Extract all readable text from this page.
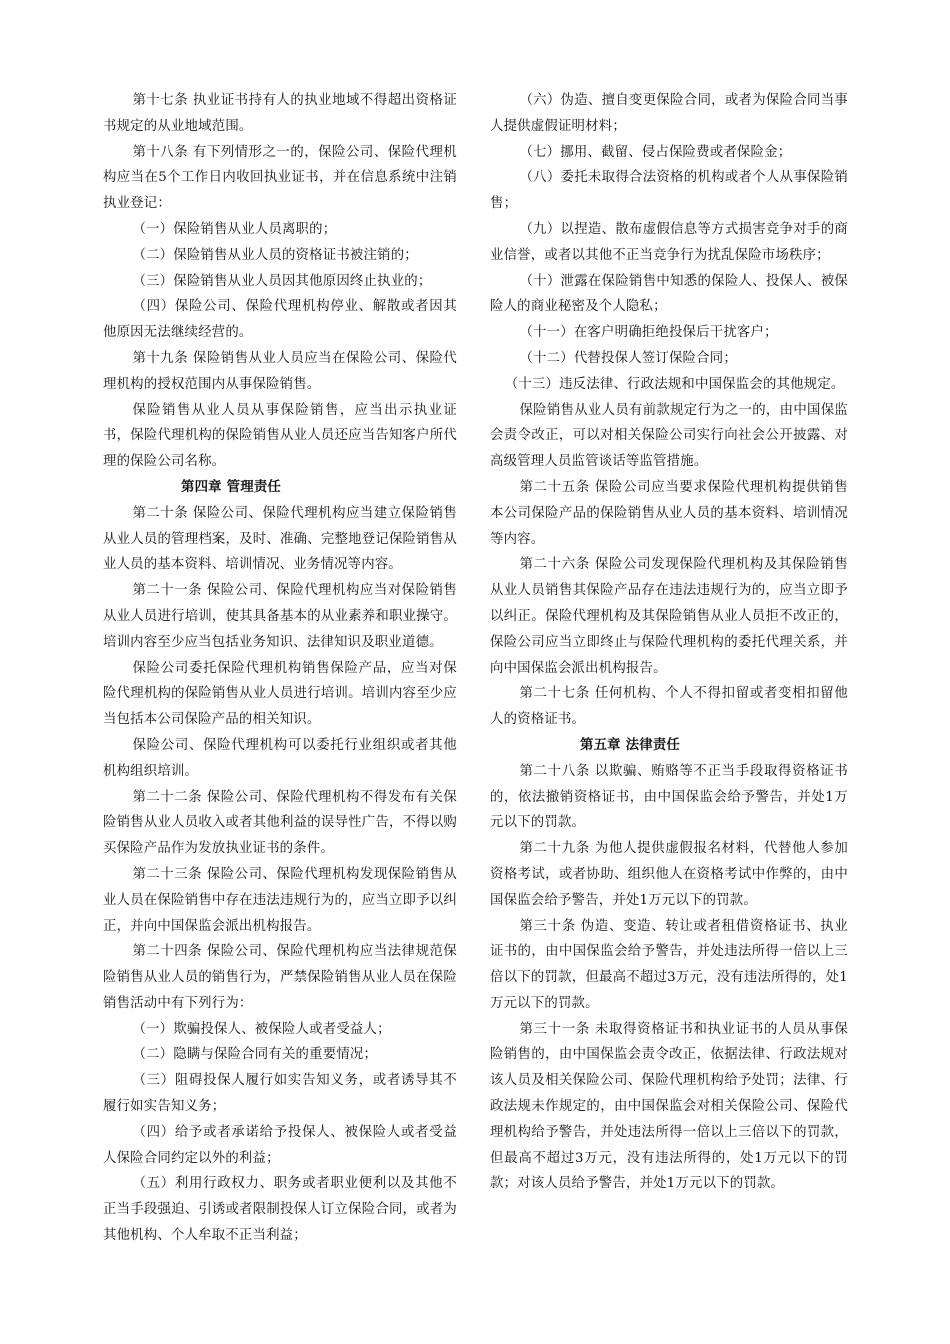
第十七条 执业证书持有人的执业地域不得超出资格证书规定的从业地域范围。

第十八条 有下列情形之一的，保险公司、保险代理机构应当在5个工作日内收回执业证书，并在信息系统中注销执业登记：

（一）保险销售从业人员离职的；

（二）保险销售从业人员的资格证书被注销的；

（三）保险销售从业人员因其他原因终止执业的；

（四）保险公司、保险代理机构停业、解散或者因其他原因无法继续经营的。

第十九条 保险销售从业人员应当在保险公司、保险代理机构的授权范围内从事保险销售。

保险销售从业人员从事保险销售，应当出示执业证书，保险代理机构的保险销售从业人员还应当告知客户所代理的保险公司名称。

第四章 管理责任

第二十条 保险公司、保险代理机构应当建立保险销售从业人员的管理档案，及时、准确、完整地登记保险销售从业人员的基本资料、培训情况、业务情况等内容。

第二十一条 保险公司、保险代理机构应当对保险销售从业人员进行培训，使其具备基本的从业素养和职业操守。培训内容至少应当包括业务知识、法律知识及职业道德。

保险公司委托保险代理机构销售保险产品，应当对保险代理机构的保险销售从业人员进行培训。培训内容至少应当包括本公司保险产品的相关知识。

保险公司、保险代理机构可以委托行业组织或者其他机构组织培训。

第二十二条 保险公司、保险代理机构不得发布有关保险销售从业人员收入或者其他利益的误导性广告，不得以购买保险产品作为发放执业证书的条件。

第二十三条 保险公司、保险代理机构发现保险销售从业人员在保险销售中存在违法违规行为的，应当立即予以纠正，并向中国保监会派出机构报告。

第二十四条 保险公司、保险代理机构应当法律规范保险销售从业人员的销售行为，严禁保险销售从业人员在保险销售活动中有下列行为：

（一）欺骗投保人、被保险人或者受益人；

（二）隐瞒与保险合同有关的重要情况；

（三）阻碍投保人履行如实告知义务，或者诱导其不履行如实告知义务；

（四）给予或者承诺给予投保人、被保险人或者受益人保险合同约定以外的利益；

（五）利用行政权力、职务或者职业便利以及其他不正当手段强迫、引诱或者限制投保人订立保险合同，或者为其他机构、个人牟取不正当利益；

（六）伪造、擅自变更保险合同，或者为保险合同当事人提供虚假证明材料；

（七）挪用、截留、侵占保险费或者保险金；

（八）委托未取得合法资格的机构或者个人从事保险销售；

（九）以捏造、散布虚假信息等方式损害竞争对手的商业信誉，或者以其他不正当竞争行为扰乱保险市场秩序；

（十）泄露在保险销售中知悉的保险人、投保人、被保险人的商业秘密及个人隐私；

（十一）在客户明确拒绝投保后干扰客户；

（十二）代替投保人签订保险合同；

（十三）违反法律、行政法规和中国保监会的其他规定。

保险销售从业人员有前款规定行为之一的，由中国保监会责令改正，可以对相关保险公司实行向社会公开披露、对高级管理人员监管谈话等监管措施。

第二十五条 保险公司应当要求保险代理机构提供销售本公司保险产品的保险销售从业人员的基本资料、培训情况等内容。

第二十六条 保险公司发现保险代理机构及其保险销售从业人员销售其保险产品存在违法违规行为的，应当立即予以纠正。保险代理机构及其保险销售从业人员拒不改正的，保险公司应当立即终止与保险代理机构的委托代理关系，并向中国保监会派出机构报告。

第二十七条 任何机构、个人不得扣留或者变相扣留他人的资格证书。

第五章 法律责任

第二十八条 以欺骗、贿赂等不正当手段取得资格证书的，依法撤销资格证书，由中国保监会给予警告，并处1万元以下的罚款。

第二十九条 为他人提供虚假报名材料，代替他人参加资格考试，或者协助、组织他人在资格考试中作弊的，由中国保监会给予警告，并处1万元以下的罚款。

第三十条 伪造、变造、转让或者租借资格证书、执业证书的，由中国保监会给予警告，并处违法所得一倍以上三倍以下的罚款，但最高不超过3万元，没有违法所得的，处1万元以下的罚款。

第三十一条 未取得资格证书和执业证书的人员从事保险销售的，由中国保监会责令改正，依据法律、行政法规对该人员及相关保险公司、保险代理机构给予处罚；法律、行政法规未作规定的，由中国保监会对相关保险公司、保险代理机构给予警告，并处违法所得一倍以上三倍以下的罚款，但最高不超过3万元，没有违法所得的，处1万元以下的罚款；对该人员给予警告，并处1万元以下的罚款。
